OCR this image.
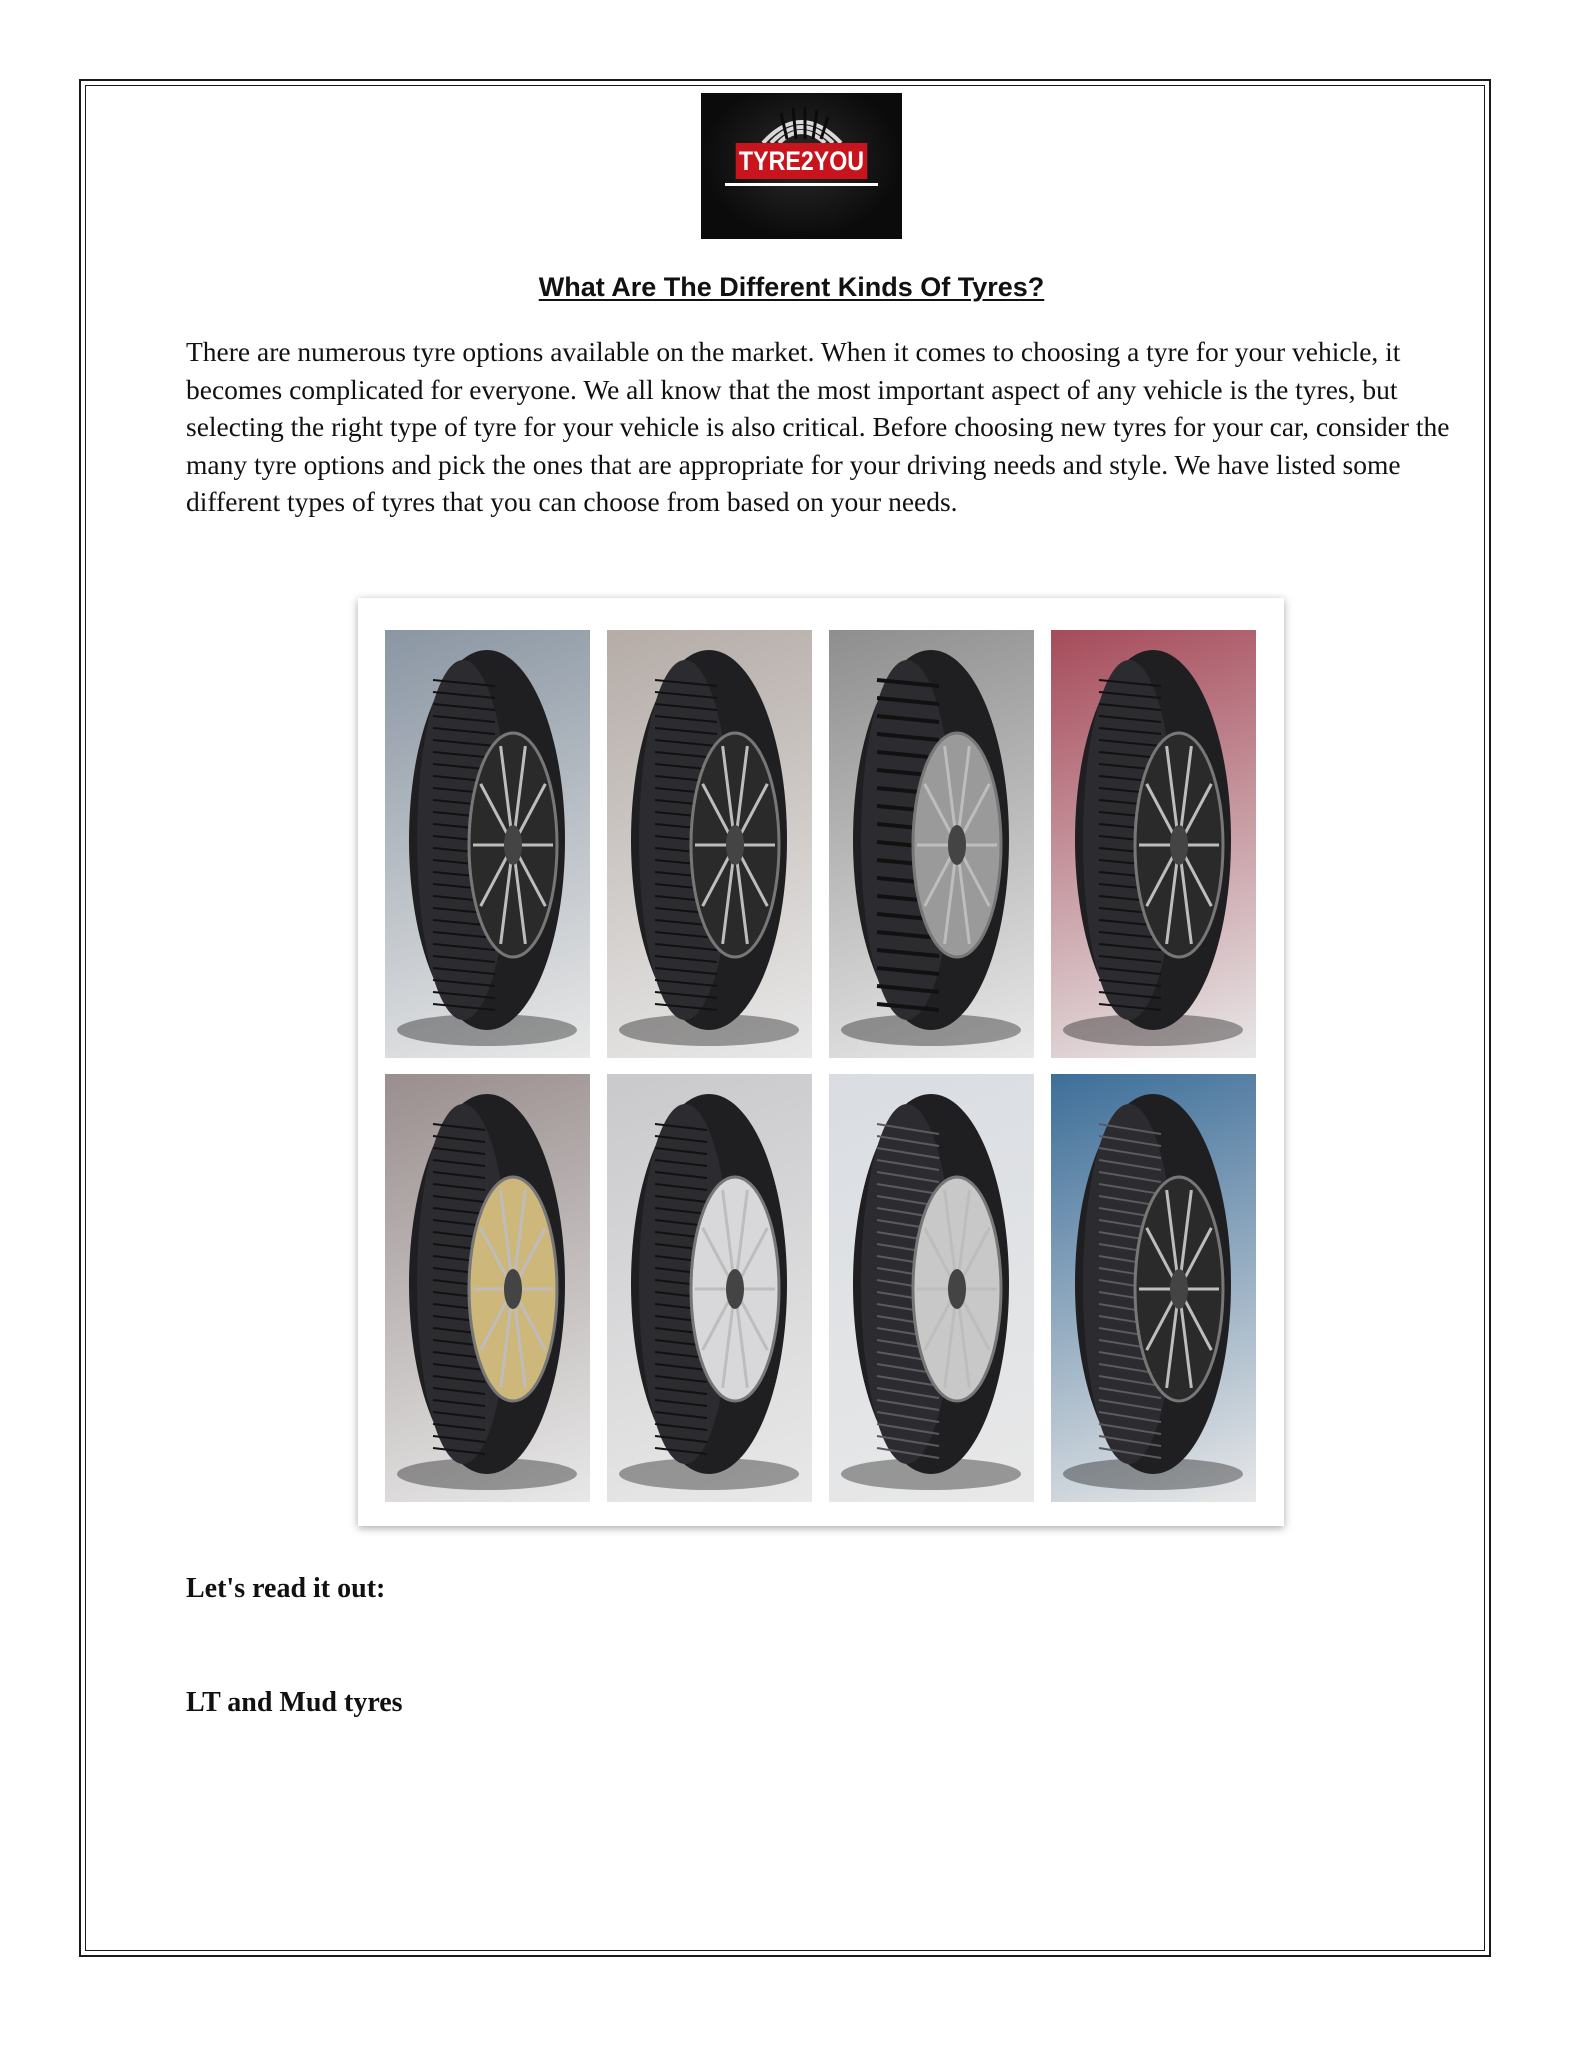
TYRE2YOU
What Are The Different Kinds Of Tyres?

There are numerous tyre options available on the market. When it comes to choosing a tyre for your vehicle, it becomes complicated for everyone. We all know that the most important aspect of any vehicle is the tyres, but selecting the right type of tyre for your vehicle is also critical. Before choosing new tyres for your car, consider the many tyre options and pick the ones that are appropriate for your driving needs and style. We have listed some different types of tyres that you can choose from based on your needs.

Let's read it out:
LT and Mud tyres
